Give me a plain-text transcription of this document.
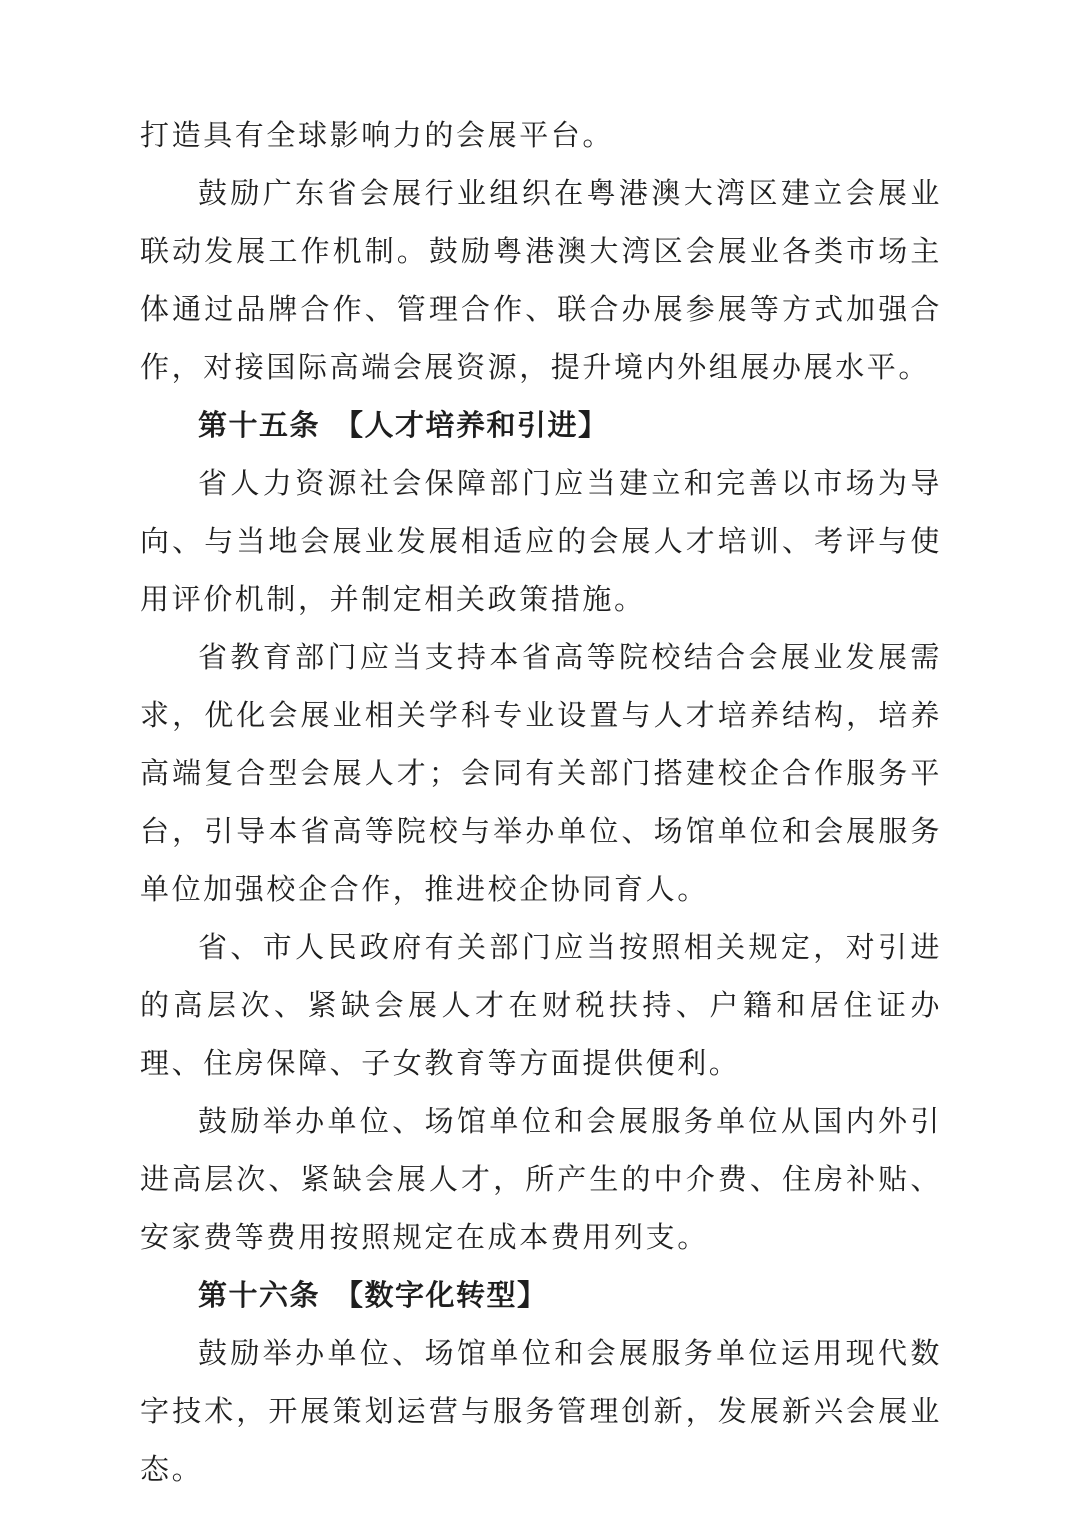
打造具有全球影响力的会展平台。

鼓励广东省会展行业组织在粤港澳大湾区建立会展业联动发展工作机制。鼓励粤港澳大湾区会展业各类市场主体通过品牌合作、管理合作、联合办展参展等方式加强合作，对接国际高端会展资源，提升境内外组展办展水平。

第十五条 【人才培养和引进】

省人力资源社会保障部门应当建立和完善以市场为导向、与当地会展业发展相适应的会展人才培训、考评与使用评价机制，并制定相关政策措施。

省教育部门应当支持本省高等院校结合会展业发展需求，优化会展业相关学科专业设置与人才培养结构，培养高端复合型会展人才；会同有关部门搭建校企合作服务平台，引导本省高等院校与举办单位、场馆单位和会展服务单位加强校企合作，推进校企协同育人。

省、市人民政府有关部门应当按照相关规定，对引进的高层次、紧缺会展人才在财税扶持、户籍和居住证办理、住房保障、子女教育等方面提供便利。

鼓励举办单位、场馆单位和会展服务单位从国内外引进高层次、紧缺会展人才，所产生的中介费、住房补贴、安家费等费用按照规定在成本费用列支。

第十六条 【数字化转型】

鼓励举办单位、场馆单位和会展服务单位运用现代数字技术，开展策划运营与服务管理创新，发展新兴会展业态。
